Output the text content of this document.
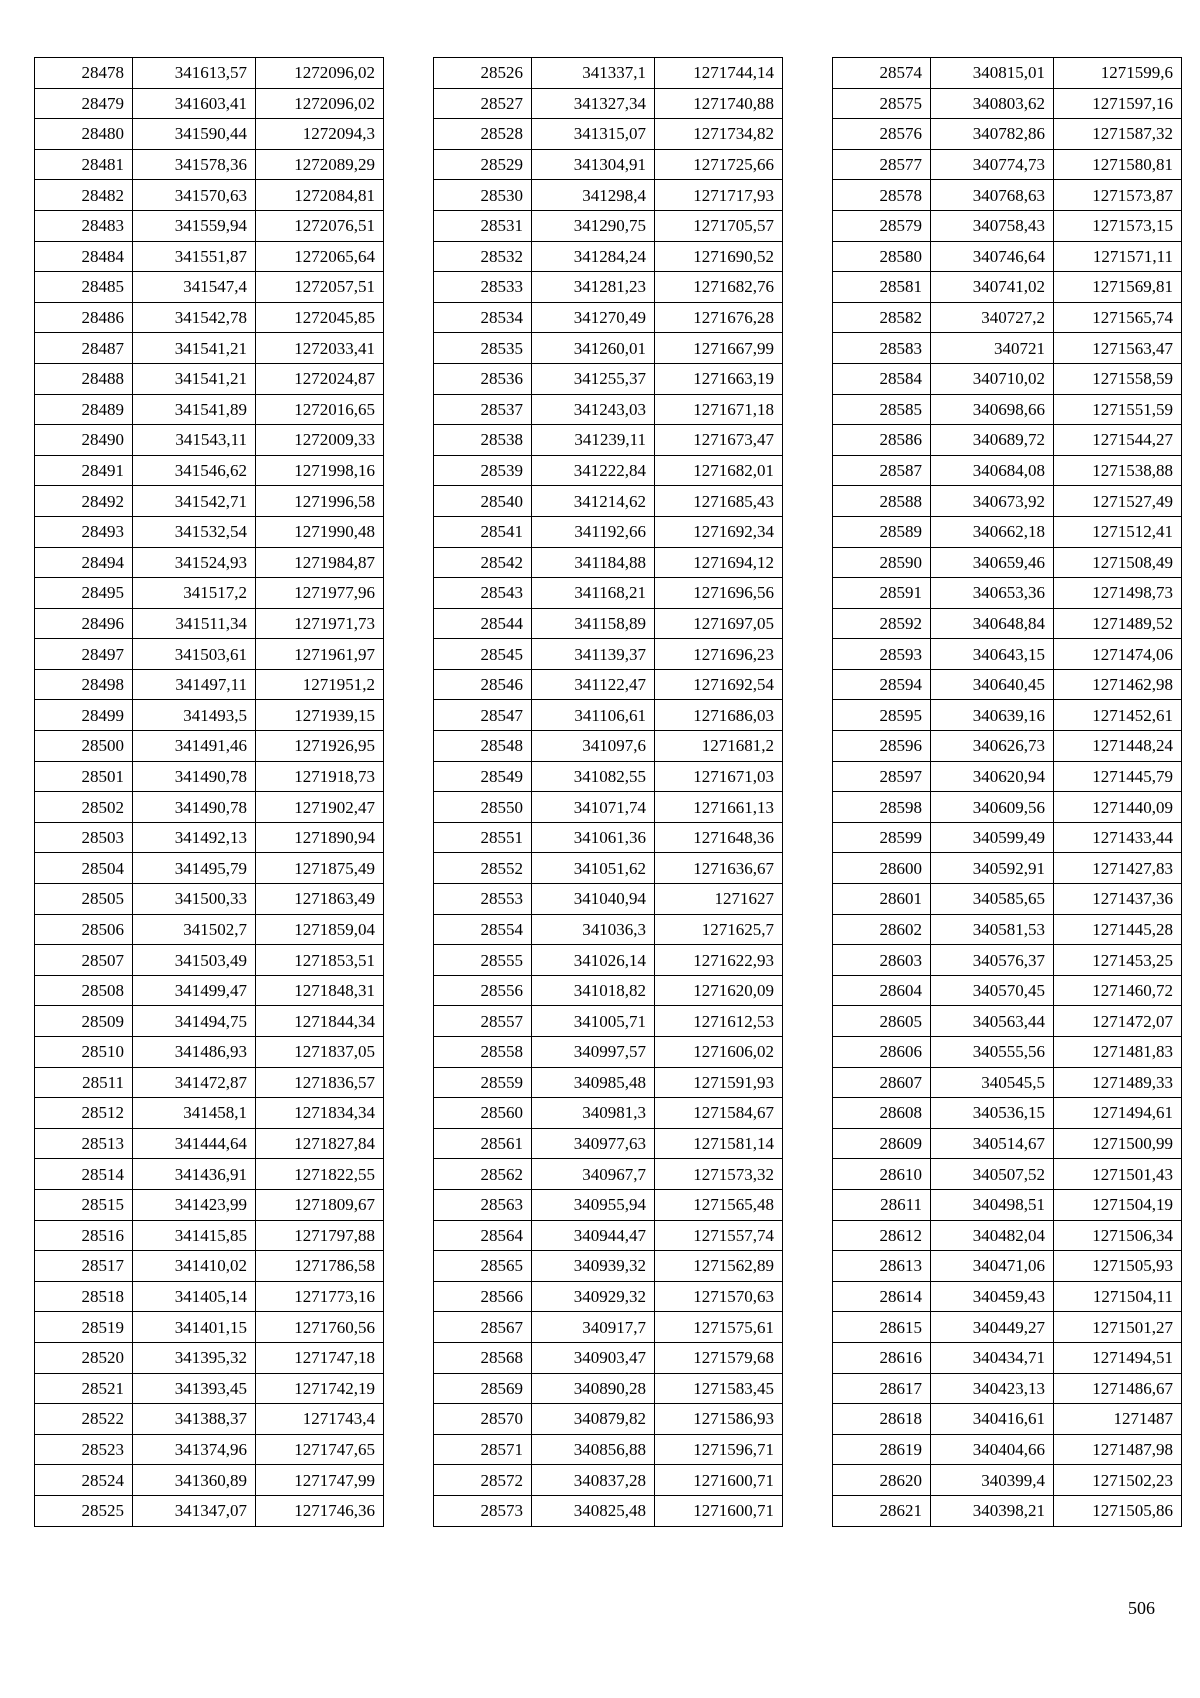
28478	341613,57	1272096,02
28479	341603,41	1272096,02
28480	341590,44	1272094,3
28481	341578,36	1272089,29
28482	341570,63	1272084,81
28483	341559,94	1272076,51
28484	341551,87	1272065,64
28485	341547,4	1272057,51
28486	341542,78	1272045,85
28487	341541,21	1272033,41
28488	341541,21	1272024,87
28489	341541,89	1272016,65
28490	341543,11	1272009,33
28491	341546,62	1271998,16
28492	341542,71	1271996,58
28493	341532,54	1271990,48
28494	341524,93	1271984,87
28495	341517,2	1271977,96
28496	341511,34	1271971,73
28497	341503,61	1271961,97
28498	341497,11	1271951,2
28499	341493,5	1271939,15
28500	341491,46	1271926,95
28501	341490,78	1271918,73
28502	341490,78	1271902,47
28503	341492,13	1271890,94
28504	341495,79	1271875,49
28505	341500,33	1271863,49
28506	341502,7	1271859,04
28507	341503,49	1271853,51
28508	341499,47	1271848,31
28509	341494,75	1271844,34
28510	341486,93	1271837,05
28511	341472,87	1271836,57
28512	341458,1	1271834,34
28513	341444,64	1271827,84
28514	341436,91	1271822,55
28515	341423,99	1271809,67
28516	341415,85	1271797,88
28517	341410,02	1271786,58
28518	341405,14	1271773,16
28519	341401,15	1271760,56
28520	341395,32	1271747,18
28521	341393,45	1271742,19
28522	341388,37	1271743,4
28523	341374,96	1271747,65
28524	341360,89	1271747,99
28525	341347,07	1271746,36
28526	341337,1	1271744,14
28527	341327,34	1271740,88
28528	341315,07	1271734,82
28529	341304,91	1271725,66
28530	341298,4	1271717,93
28531	341290,75	1271705,57
28532	341284,24	1271690,52
28533	341281,23	1271682,76
28534	341270,49	1271676,28
28535	341260,01	1271667,99
28536	341255,37	1271663,19
28537	341243,03	1271671,18
28538	341239,11	1271673,47
28539	341222,84	1271682,01
28540	341214,62	1271685,43
28541	341192,66	1271692,34
28542	341184,88	1271694,12
28543	341168,21	1271696,56
28544	341158,89	1271697,05
28545	341139,37	1271696,23
28546	341122,47	1271692,54
28547	341106,61	1271686,03
28548	341097,6	1271681,2
28549	341082,55	1271671,03
28550	341071,74	1271661,13
28551	341061,36	1271648,36
28552	341051,62	1271636,67
28553	341040,94	1271627
28554	341036,3	1271625,7
28555	341026,14	1271622,93
28556	341018,82	1271620,09
28557	341005,71	1271612,53
28558	340997,57	1271606,02
28559	340985,48	1271591,93
28560	340981,3	1271584,67
28561	340977,63	1271581,14
28562	340967,7	1271573,32
28563	340955,94	1271565,48
28564	340944,47	1271557,74
28565	340939,32	1271562,89
28566	340929,32	1271570,63
28567	340917,7	1271575,61
28568	340903,47	1271579,68
28569	340890,28	1271583,45
28570	340879,82	1271586,93
28571	340856,88	1271596,71
28572	340837,28	1271600,71
28573	340825,48	1271600,71
28574	340815,01	1271599,6
28575	340803,62	1271597,16
28576	340782,86	1271587,32
28577	340774,73	1271580,81
28578	340768,63	1271573,87
28579	340758,43	1271573,15
28580	340746,64	1271571,11
28581	340741,02	1271569,81
28582	340727,2	1271565,74
28583	340721	1271563,47
28584	340710,02	1271558,59
28585	340698,66	1271551,59
28586	340689,72	1271544,27
28587	340684,08	1271538,88
28588	340673,92	1271527,49
28589	340662,18	1271512,41
28590	340659,46	1271508,49
28591	340653,36	1271498,73
28592	340648,84	1271489,52
28593	340643,15	1271474,06
28594	340640,45	1271462,98
28595	340639,16	1271452,61
28596	340626,73	1271448,24
28597	340620,94	1271445,79
28598	340609,56	1271440,09
28599	340599,49	1271433,44
28600	340592,91	1271427,83
28601	340585,65	1271437,36
28602	340581,53	1271445,28
28603	340576,37	1271453,25
28604	340570,45	1271460,72
28605	340563,44	1271472,07
28606	340555,56	1271481,83
28607	340545,5	1271489,33
28608	340536,15	1271494,61
28609	340514,67	1271500,99
28610	340507,52	1271501,43
28611	340498,51	1271504,19
28612	340482,04	1271506,34
28613	340471,06	1271505,93
28614	340459,43	1271504,11
28615	340449,27	1271501,27
28616	340434,71	1271494,51
28617	340423,13	1271486,67
28618	340416,61	1271487
28619	340404,66	1271487,98
28620	340399,4	1271502,23
28621	340398,21	1271505,86
506
